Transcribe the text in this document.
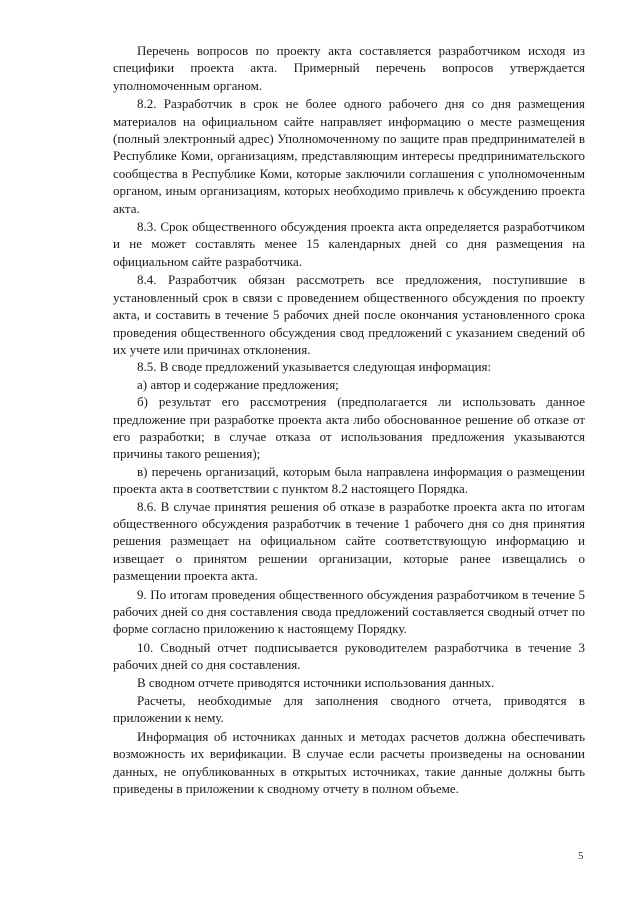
Перечень вопросов по проекту акта составляется разработчиком исходя из специфики проекта акта. Примерный перечень вопросов утверждается уполномоченным органом.

8.2. Разработчик в срок не более одного рабочего дня со дня размещения материалов на официальном сайте направляет информацию о месте размещения (полный электронный адрес) Уполномоченному по защите прав предпринимателей в Республике Коми, организациям, представляющим интересы предпринимательского сообщества в Республике Коми, которые заключили соглашения с уполномоченным органом, иным организациям, которых необходимо привлечь к обсуждению проекта акта.

8.3. Срок общественного обсуждения проекта акта определяется разработчиком и не может составлять менее 15 календарных дней со дня размещения на официальном сайте разработчика.

8.4. Разработчик обязан рассмотреть все предложения, поступившие в установленный срок в связи с проведением общественного обсуждения по проекту акта, и составить в течение 5 рабочих дней после окончания установленного срока проведения общественного обсуждения свод предложений с указанием сведений об их учете или причинах отклонения.

8.5. В своде предложений указывается следующая информация:

а) автор и содержание предложения;

б) результат его рассмотрения (предполагается ли использовать данное предложение при разработке проекта акта либо обоснованное решение об отказе от его разработки; в случае отказа от использования предложения указываются причины такого решения);

в) перечень организаций, которым была направлена информация о размещении проекта акта в соответствии с пунктом 8.2 настоящего Порядка.

8.6. В случае принятия решения об отказе в разработке проекта акта по итогам общественного обсуждения разработчик в течение 1 рабочего дня со дня принятия решения размещает на официальном сайте соответствующую информацию и извещает о принятом решении организации, которые ранее извещались о размещении проекта акта.

9. По итогам проведения общественного обсуждения разработчиком в течение 5 рабочих дней со дня составления свода предложений составляется сводный отчет по форме согласно приложению к настоящему Порядку.

10. Сводный отчет подписывается руководителем разработчика в течение 3 рабочих дней со дня составления.

В сводном отчете приводятся источники использования данных.

Расчеты, необходимые для заполнения сводного отчета, приводятся в приложении к нему.

Информация об источниках данных и методах расчетов должна обеспечивать возможность их верификации. В случае если расчеты произведены на основании данных, не опубликованных в открытых источниках, такие данные должны быть приведены в приложении к сводному отчету в полном объеме.

5
